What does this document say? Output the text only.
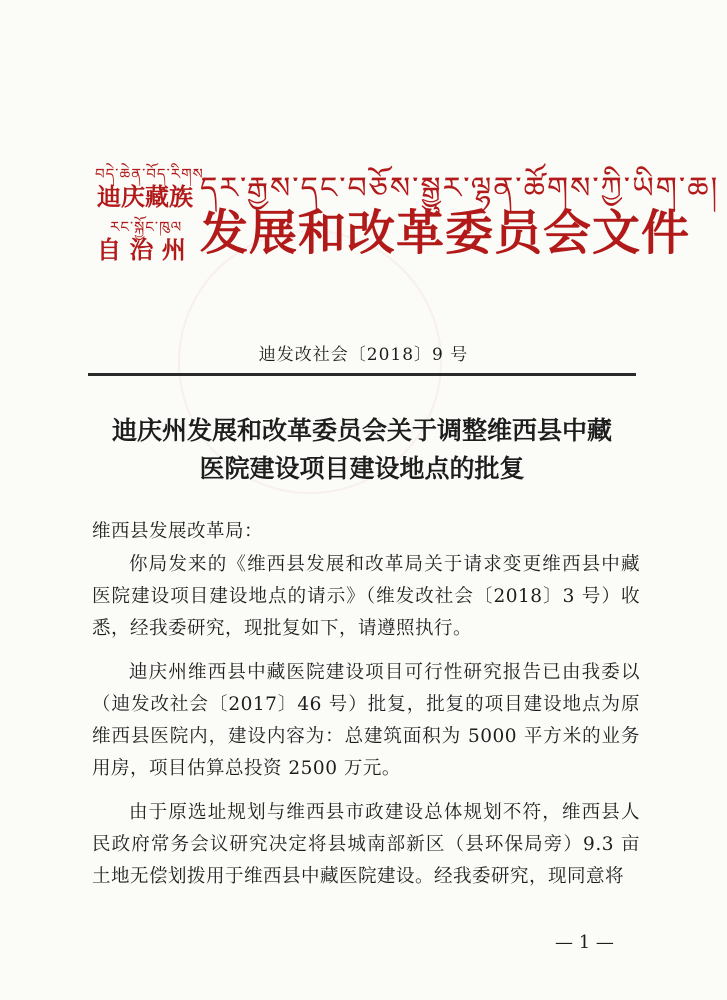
བདེ་ཆེན་བོད་རིགས
迪庆藏族
རང་སྐྱོང་ཁུལ
自 治 州
དར་རྒྱས་དང་བཅོས་སྒྱུར་ལྷན་ཚོགས་ཀྱི་ཡིག་ཆ།
发展和改革委员会文件
迪发改社会〔2018〕9 号
迪庆州发展和改革委员会关于调整维西县中藏
医院建设项目建设地点的批复
维西县发展改革局：
你局发来的《维西县发展和改革局关于请求变更维西县中藏医院建设项目建设地点的请示》（维发改社会〔2018〕3 号）收悉，经我委研究，现批复如下，请遵照执行。
迪庆州维西县中藏医院建设项目可行性研究报告已由我委以（迪发改社会〔2017〕46 号）批复，批复的项目建设地点为原维西县医院内，建设内容为：总建筑面积为 5000 平方米的业务用房，项目估算总投资 2500 万元。
由于原选址规划与维西县市政建设总体规划不符，维西县人民政府常务会议研究决定将县城南部新区（县环保局旁）9.3 亩土地无偿划拨用于维西县中藏医院建设。经我委研究，现同意将
— 1 —
